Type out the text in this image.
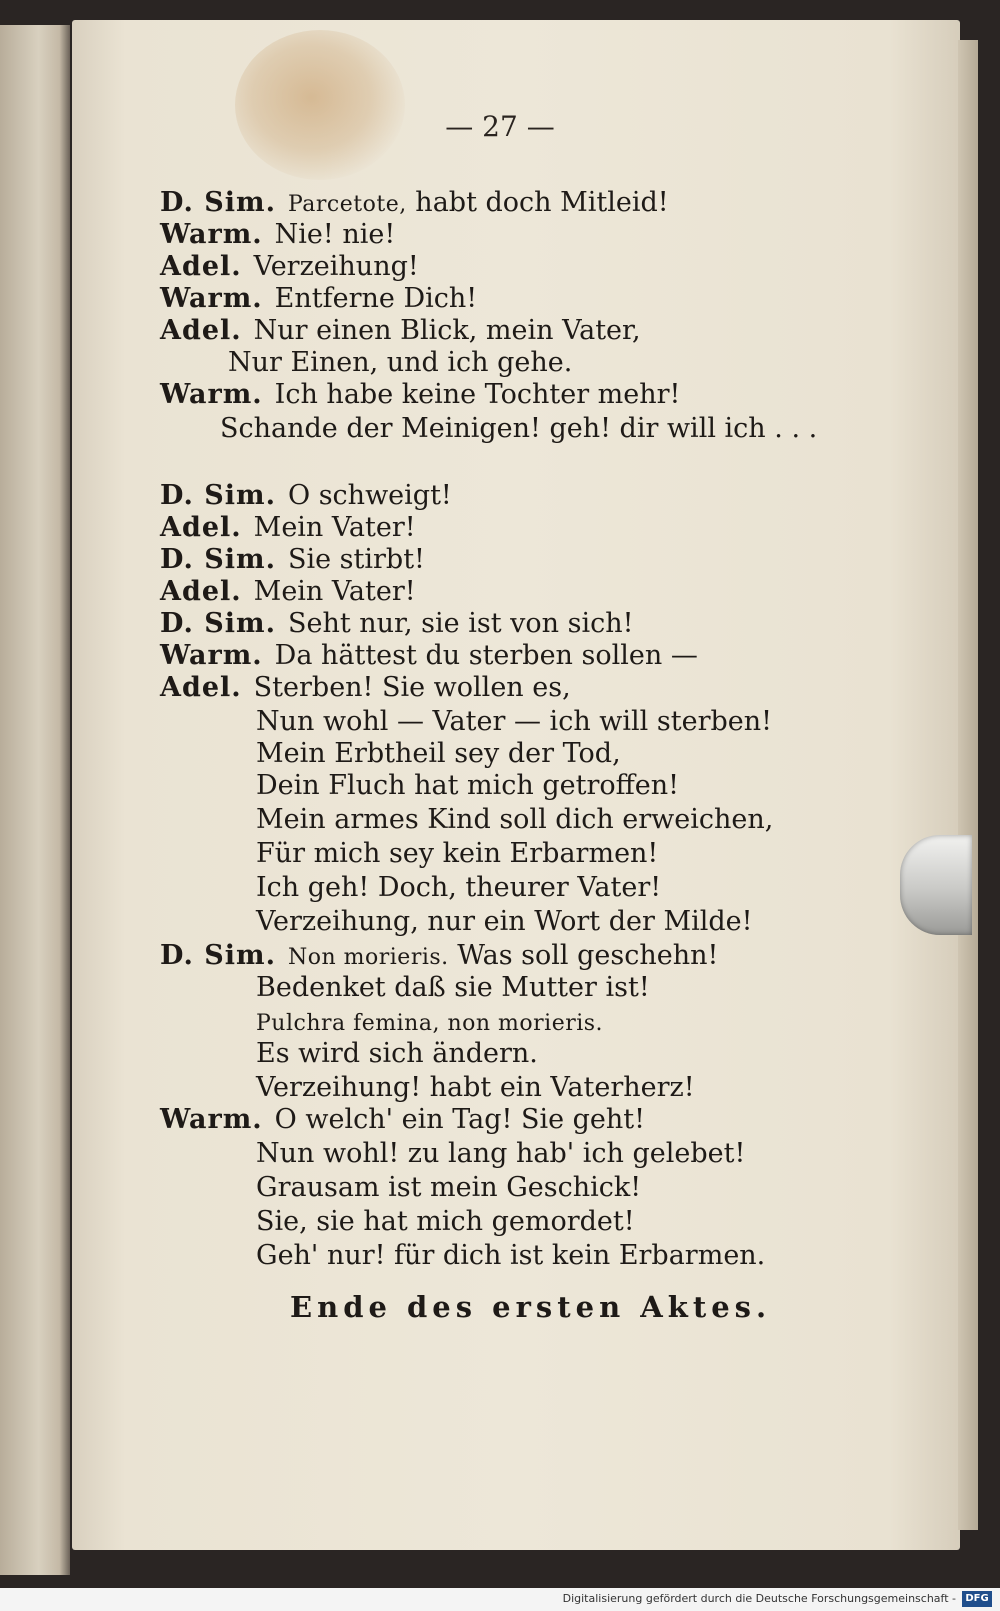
— 27 —
D. Sim. Parcetote, habt doch Mitleid!
Warm. Nie! nie!
Adel. Verzeihung!
Warm. Entferne Dich!
Adel. Nur einen Blick, mein Vater,
Nur Einen, und ich gehe.
Warm. Ich habe keine Tochter mehr!
Schande der Meinigen! geh! dir will ich . . .
D. Sim. O schweigt!
Adel. Mein Vater!
D. Sim. Sie stirbt!
Adel. Mein Vater!
D. Sim. Seht nur, sie ist von sich!
Warm. Da hättest du sterben sollen —
Adel. Sterben! Sie wollen es,
Nun wohl — Vater — ich will sterben!
Mein Erbtheil sey der Tod,
Dein Fluch hat mich getroffen!
Mein armes Kind soll dich erweichen,
Für mich sey kein Erbarmen!
Ich geh! Doch, theurer Vater!
Verzeihung, nur ein Wort der Milde!
D. Sim. Non morieris. Was soll geschehn!
Bedenket daß sie Mutter ist!
Pulchra femina, non morieris.
Es wird sich ändern.
Verzeihung! habt ein Vaterherz!
Warm. O welch' ein Tag! Sie geht!
Nun wohl! zu lang hab' ich gelebet!
Grausam ist mein Geschick!
Sie, sie hat mich gemordet!
Geh' nur! für dich ist kein Erbarmen.
Ende des ersten Aktes.
Digitalisierung gefördert durch die Deutsche Forschungsgemeinschaft - DFG
